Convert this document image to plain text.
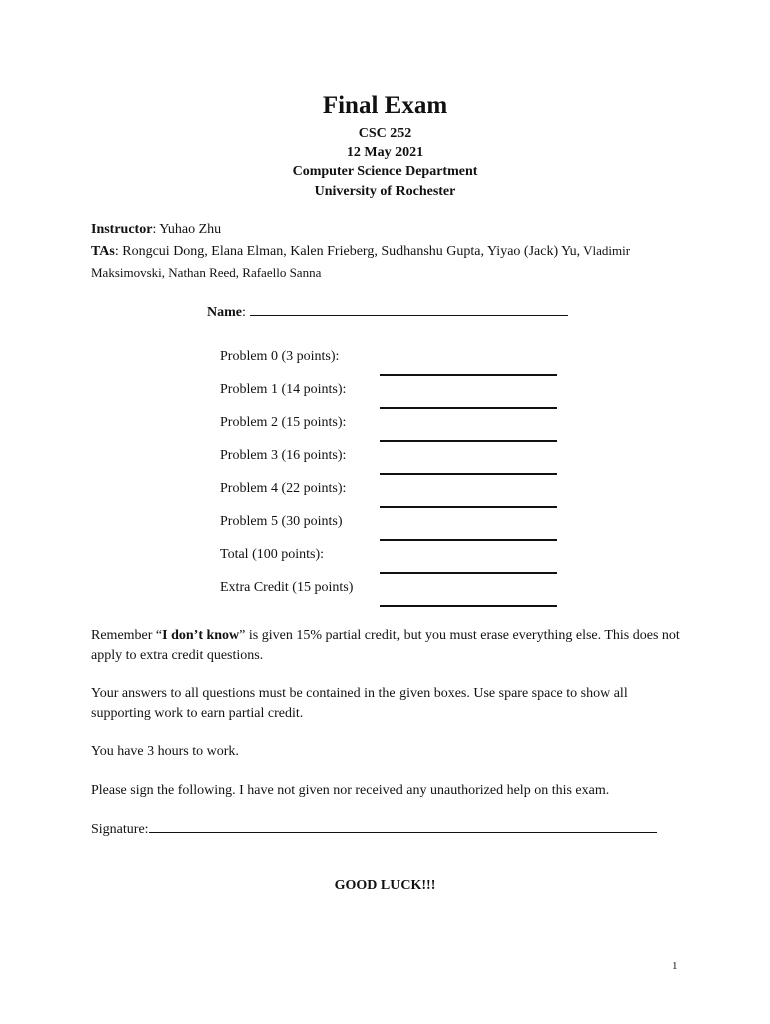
Final Exam
CSC 252
12 May 2021
Computer Science Department
University of Rochester
Instructor: Yuhao Zhu
TAs: Rongcui Dong, Elana Elman, Kalen Frieberg, Sudhanshu Gupta, Yiyao (Jack) Yu, Vladimir
Maksimovski, Nathan Reed, Rafaello Sanna
Name:
Problem 0 (3 points):
Problem 1 (14 points):
Problem 2 (15 points):
Problem 3 (16 points):
Problem 4 (22 points):
Problem 5 (30 points)
Total (100 points):
Extra Credit (15 points)
Remember “I don’t know” is given 15% partial credit, but you must erase everything else. This does not apply to extra credit questions.
Your answers to all questions must be contained in the given boxes. Use spare space to show all supporting work to earn partial credit.
You have 3 hours to work.
Please sign the following. I have not given nor received any unauthorized help on this exam.
Signature:
GOOD LUCK!!!
1
